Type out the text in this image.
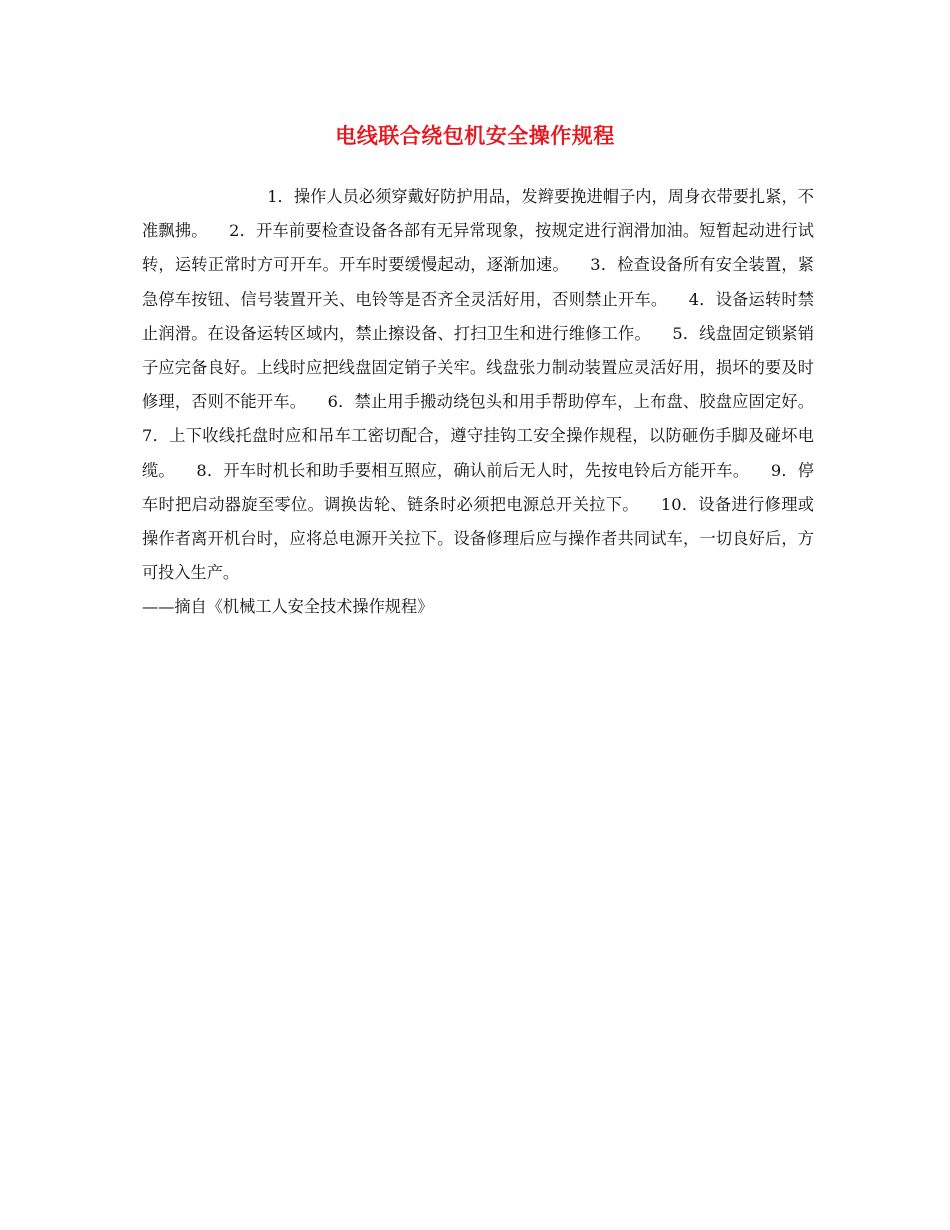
电线联合绕包机安全操作规程
1．操作人员必须穿戴好防护用品，发辫要挽进帽子内，周身衣带要扎紧，不准飘拂。    2．开车前要检查设备各部有无异常现象，按规定进行润滑加油。短暂起动进行试转，运转正常时方可开车。开车时要缓慢起动，逐渐加速。    3．检查设备所有安全装置，紧急停车按钮、信号装置开关、电铃等是否齐全灵活好用，否则禁止开车。    4．设备运转时禁止润滑。在设备运转区域内，禁止擦设备、打扫卫生和进行维修工作。    5．线盘固定锁紧销子应完备良好。上线时应把线盘固定销子关牢。线盘张力制动装置应灵活好用，损坏的要及时修理，否则不能开车。    6．禁止用手搬动绕包头和用手帮助停车，上布盘、胶盘应固定好。    7．上下收线托盘时应和吊车工密切配合，遵守挂钩工安全操作规程，以防砸伤手脚及碰坏电缆。    8．开车时机长和助手要相互照应，确认前后无人时，先按电铃后方能开车。    9．停车时把启动器旋至零位。调换齿轮、链条时必须把电源总开关拉下。    10．设备进行修理或操作者离开机台时，应将总电源开关拉下。设备修理后应与操作者共同试车，一切良好后，方可投入生产。
——摘自《机械工人安全技术操作规程》
